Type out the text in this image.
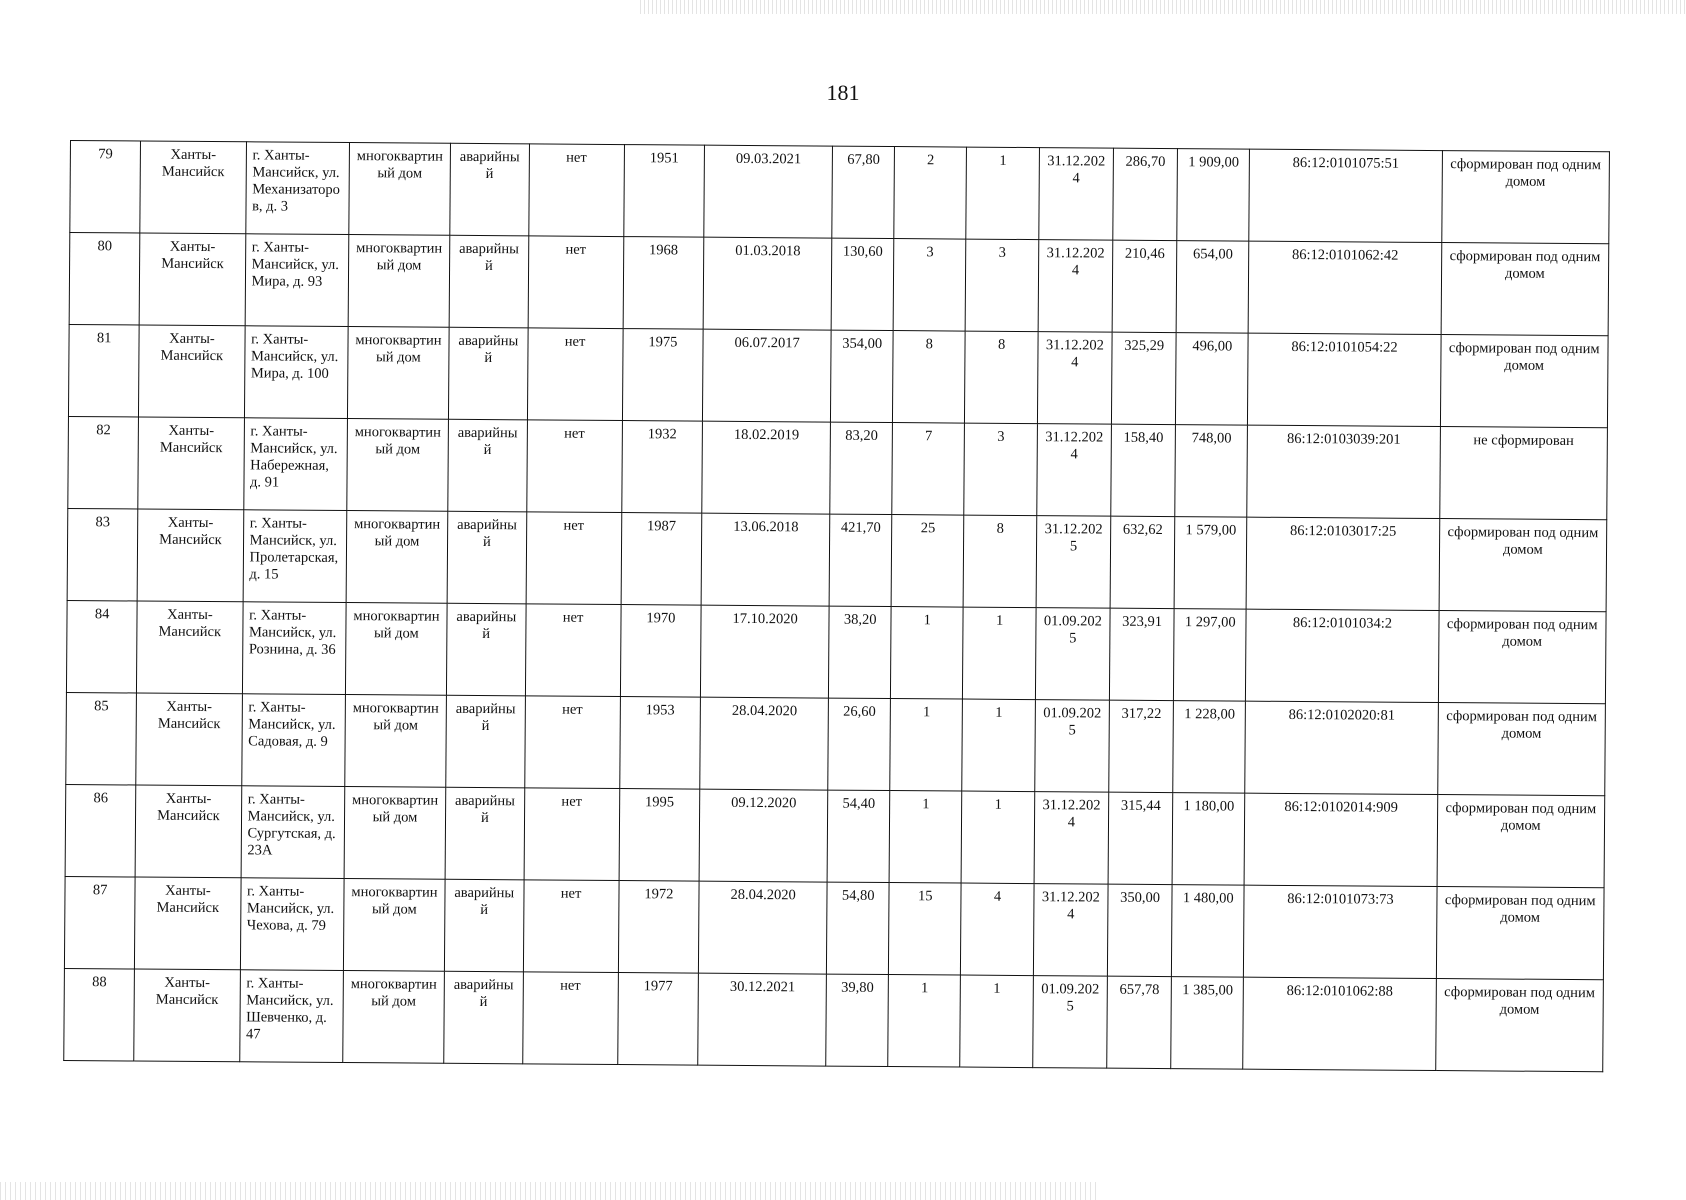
181
79	Ханты-Мансийск	г. Ханты-Мансийск, ул. Механизаторов, д. 3	многоквартиный дом	аварийный	нет	1951	09.03.2021	67,80	2	1	31.12.2024	286,70	1 909,00	86:12:0101075:51	сформирован под одним домом
80	Ханты-Мансийск	г. Ханты-Мансийск, ул. Мира, д. 93	многоквартиный дом	аварийный	нет	1968	01.03.2018	130,60	3	3	31.12.2024	210,46	654,00	86:12:0101062:42	сформирован под одним домом
81	Ханты-Мансийск	г. Ханты-Мансийск, ул. Мира, д. 100	многоквартиный дом	аварийный	нет	1975	06.07.2017	354,00	8	8	31.12.2024	325,29	496,00	86:12:0101054:22	сформирован под одним домом
82	Ханты-Мансийск	г. Ханты-Мансийск, ул. Набережная, д. 91	многоквартиный дом	аварийный	нет	1932	18.02.2019	83,20	7	3	31.12.2024	158,40	748,00	86:12:0103039:201	не сформирован
83	Ханты-Мансийск	г. Ханты-Мансийск, ул. Пролетарская, д. 15	многоквартиный дом	аварийный	нет	1987	13.06.2018	421,70	25	8	31.12.2025	632,62	1 579,00	86:12:0103017:25	сформирован под одним домом
84	Ханты-Мансийск	г. Ханты-Мансийск, ул. Рознина, д. 36	многоквартиный дом	аварийный	нет	1970	17.10.2020	38,20	1	1	01.09.2025	323,91	1 297,00	86:12:0101034:2	сформирован под одним домом
85	Ханты-Мансийск	г. Ханты-Мансийск, ул. Садовая, д. 9	многоквартиный дом	аварийный	нет	1953	28.04.2020	26,60	1	1	01.09.2025	317,22	1 228,00	86:12:0102020:81	сформирован под одним домом
86	Ханты-Мансийск	г. Ханты-Мансийск, ул. Сургутская, д. 23А	многоквартиный дом	аварийный	нет	1995	09.12.2020	54,40	1	1	31.12.2024	315,44	1 180,00	86:12:0102014:909	сформирован под одним домом
87	Ханты-Мансийск	г. Ханты-Мансийск, ул. Чехова, д. 79	многоквартиный дом	аварийный	нет	1972	28.04.2020	54,80	15	4	31.12.2024	350,00	1 480,00	86:12:0101073:73	сформирован под одним домом
88	Ханты-Мансийск	г. Ханты-Мансийск, ул. Шевченко, д. 47	многоквартиный дом	аварийный	нет	1977	30.12.2021	39,80	1	1	01.09.2025	657,78	1 385,00	86:12:0101062:88	сформирован под одним домом
